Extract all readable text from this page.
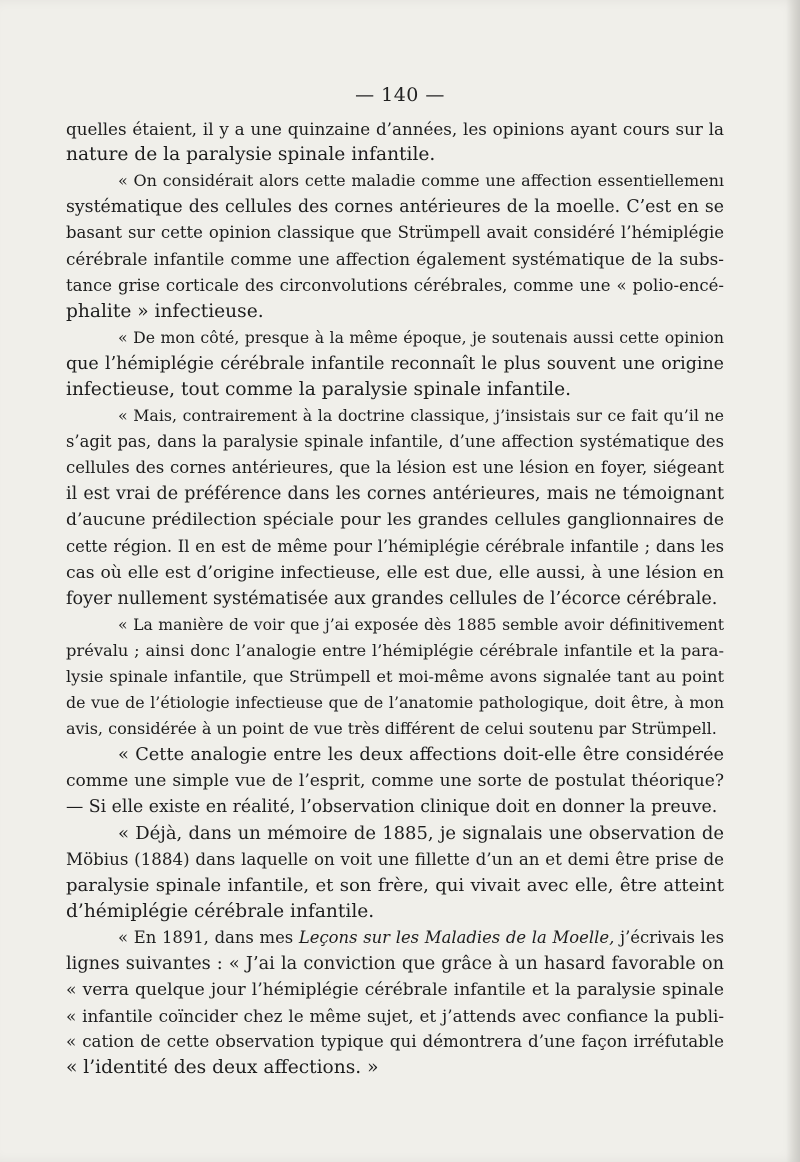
— 140 —
quelles étaient, il y a une quinzaine d’années, les opinions ayant cours sur la
nature de la paralysie spinale infantile.
« On considérait alors cette maladie comme une affection essentiellemenı
systématique des cellules des cornes antérieures de la moelle. C’est en se
basant sur cette opinion classique que Strümpell avait considéré l’hémiplégie
cérébrale infantile comme une affection également systématique de la subs-
tance grise corticale des circonvolutions cérébrales, comme une « polio-encé-
phalite » infectieuse.
« De mon côté, presque à la même époque, je soutenais aussi cette opinion
que l’hémiplégie cérébrale infantile reconnaît le plus souvent une origine
infectieuse, tout comme la paralysie spinale infantile.
« Mais, contrairement à la doctrine classique, j’insistais sur ce fait qu’il ne
s’agit pas, dans la paralysie spinale infantile, d’une affection systématique des
cellules des cornes antérieures, que la lésion est une lésion en foyer, siégeant
il est vrai de préférence dans les cornes antérieures, mais ne témoignant
d’aucune prédilection spéciale pour les grandes cellules ganglionnaires de
cette région. Il en est de même pour l’hémiplégie cérébrale infantile ; dans les
cas où elle est d’origine infectieuse, elle est due, elle aussi, à une lésion en
foyer nullement systématisée aux grandes cellules de l’écorce cérébrale.
« La manière de voir que j’ai exposée dès 1885 semble avoir définitivement
prévalu ; ainsi donc l’analogie entre l’hémiplégie cérébrale infantile et la para-
lysie spinale infantile, que Strümpell et moi-même avons signalée tant au point
de vue de l’étiologie infectieuse que de l’anatomie pathologique, doit être, à mon
avis, considérée à un point de vue très différent de celui soutenu par Strümpell.
« Cette analogie entre les deux affections doit-elle être considérée
comme une simple vue de l’esprit, comme une sorte de postulat théorique?
— Si elle existe en réalité, l’observation clinique doit en donner la preuve.
« Déjà, dans un mémoire de 1885, je signalais une observation de
Möbius (1884) dans laquelle on voit une fillette d’un an et demi être prise de
paralysie spinale infantile, et son frère, qui vivait avec elle, être atteint
d’hémiplégie cérébrale infantile.
« En 1891, dans mes Leçons sur les Maladies de la Moelle, j’écrivais les
lignes suivantes : « J’ai la conviction que grâce à un hasard favorable on
« verra quelque jour l’hémiplégie cérébrale infantile et la paralysie spinale
« infantile coïncider chez le même sujet, et j’attends avec confiance la publi-
« cation de cette observation typique qui démontrera d’une façon irréfutable
« l’identité des deux affections. »
